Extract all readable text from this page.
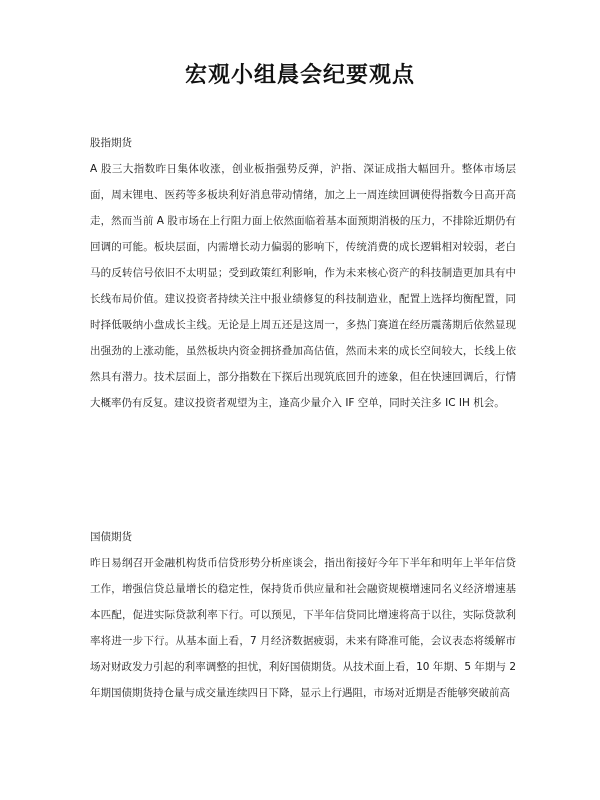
宏观小组晨会纪要观点
股指期货

A 股三大指数昨日集体收涨，创业板指强势反弹，沪指、深证成指大幅回升。整体市场层面，周末锂电、医药等多板块利好消息带动情绪，加之上一周连续回调使得指数今日高开高走，然而当前 A 股市场在上行阻力面上依然面临着基本面预期消极的压力，不排除近期仍有回调的可能。板块层面，内需增长动力偏弱的影响下，传统消费的成长逻辑相对较弱，老白马的反转信号依旧不太明显；受到政策红利影响，作为未来核心资产的科技制造更加具有中长线布局价值。建议投资者持续关注中报业绩修复的科技制造业，配置上选择均衡配置，同时择低吸纳小盘成长主线。无论是上周五还是这周一，多热门赛道在经历震荡期后依然显现出强劲的上涨动能，虽然板块内资金拥挤叠加高估值，然而未来的成长空间较大，长线上依然具有潜力。技术层面上，部分指数在下探后出现筑底回升的迹象，但在快速回调后，行情大概率仍有反复。建议投资者观望为主，逢高少量介入 IF 空单，同时关注多 IC IH 机会。

国债期货

昨日易纲召开金融机构货币信贷形势分析座谈会，指出衔接好今年下半年和明年上半年信贷工作，增强信贷总量增长的稳定性，保持货币供应量和社会融资规模增速同名义经济增速基本匹配，促进实际贷款利率下行。可以预见，下半年信贷同比增速将高于以往，实际贷款利率将进一步下行。从基本面上看，7 月经济数据疲弱，未来有降准可能，会议表态将缓解市场对财政发力引起的利率调整的担忧，利好国债期货。从技术面上看，10 年期、5 年期与 2 年期国债期货持仓量与成交量连续四日下降，显示上行遇阻，市场对近期是否能够突破前高
